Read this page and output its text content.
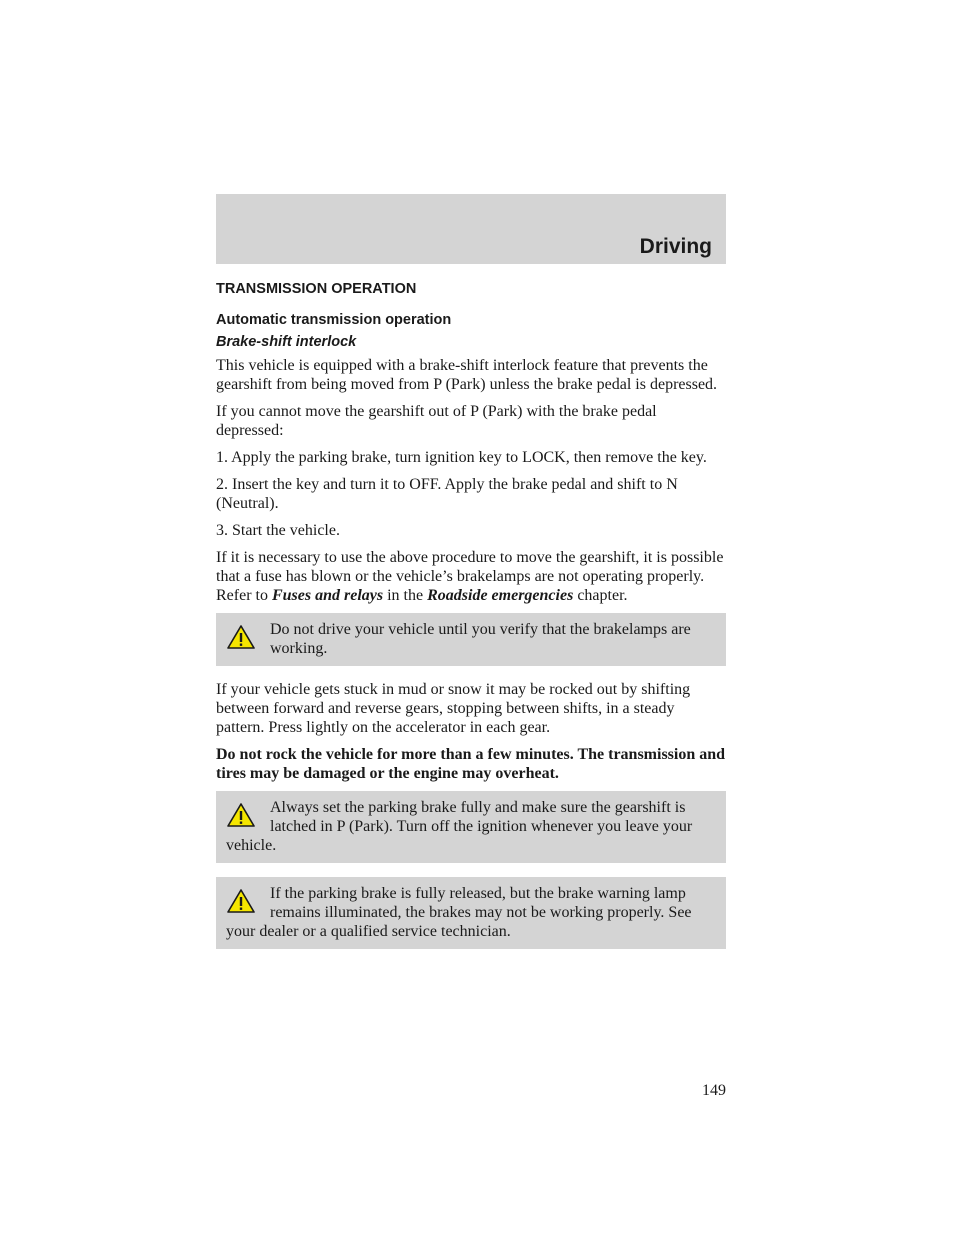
Driving
TRANSMISSION OPERATION
Automatic transmission operation
Brake-shift interlock

This vehicle is equipped with a brake-shift interlock feature that prevents the gearshift from being moved from P (Park) unless the brake pedal is depressed.

If you cannot move the gearshift out of P (Park) with the brake pedal depressed:

1. Apply the parking brake, turn ignition key to LOCK, then remove the key.

2. Insert the key and turn it to OFF. Apply the brake pedal and shift to N (Neutral).

3. Start the vehicle.

If it is necessary to use the above procedure to move the gearshift, it is possible that a fuse has blown or the vehicle’s brakelamps are not operating properly. Refer to Fuses and relays in the Roadside emergencies chapter.

Do not drive your vehicle until you verify that the brakelamps are working.

If your vehicle gets stuck in mud or snow it may be rocked out by shifting between forward and reverse gears, stopping between shifts, in a steady pattern. Press lightly on the accelerator in each gear.

Do not rock the vehicle for more than a few minutes. The transmission and tires may be damaged or the engine may overheat.

Always set the parking brake fully and make sure the gearshift is latched in P (Park). Turn off the ignition whenever you leave your vehicle.
If the parking brake is fully released, but the brake warning lamp remains illuminated, the brakes may not be working properly. See your dealer or a qualified service technician.
149
